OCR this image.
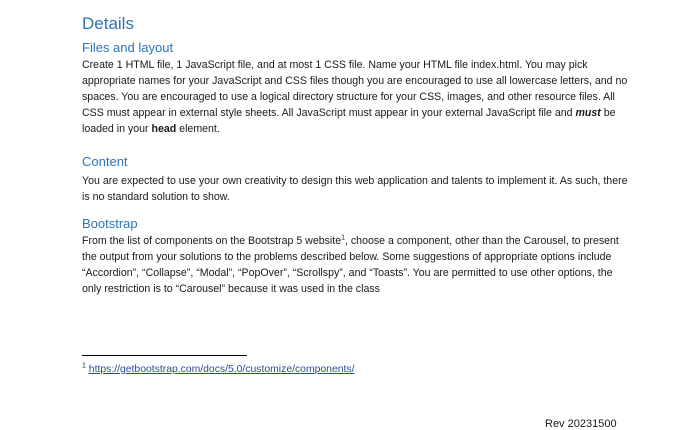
Details
Files and layout

Create 1 HTML file, 1 JavaScript file, and at most 1 CSS file. Name your HTML file index.html. You may pick appropriate names for your JavaScript and CSS files though you are encouraged to use all lowercase letters, and no spaces. You are encouraged to use a logical directory structure for your CSS, images, and other resource files. All CSS must appear in external style sheets. All JavaScript must appear in your external JavaScript file and must be loaded in your head element.

Content

You are expected to use your own creativity to design this web application and talents to implement it. As such, there is no standard solution to show.

Bootstrap

From the list of components on the Bootstrap 5 website$^1$, choose a component, other than the Carousel, to present the output from your solutions to the problems described below. Some suggestions of appropriate options include “Accordion”, “Collapse”, “Modal”, “PopOver”, “Scrollspy”, and “Toasts”. You are permitted to use other options, the only restriction is to “Carousel” because it was used in the class

$^1$ https://getbootstrap.com/docs/5.0/customize/components/
Rev 20231500
